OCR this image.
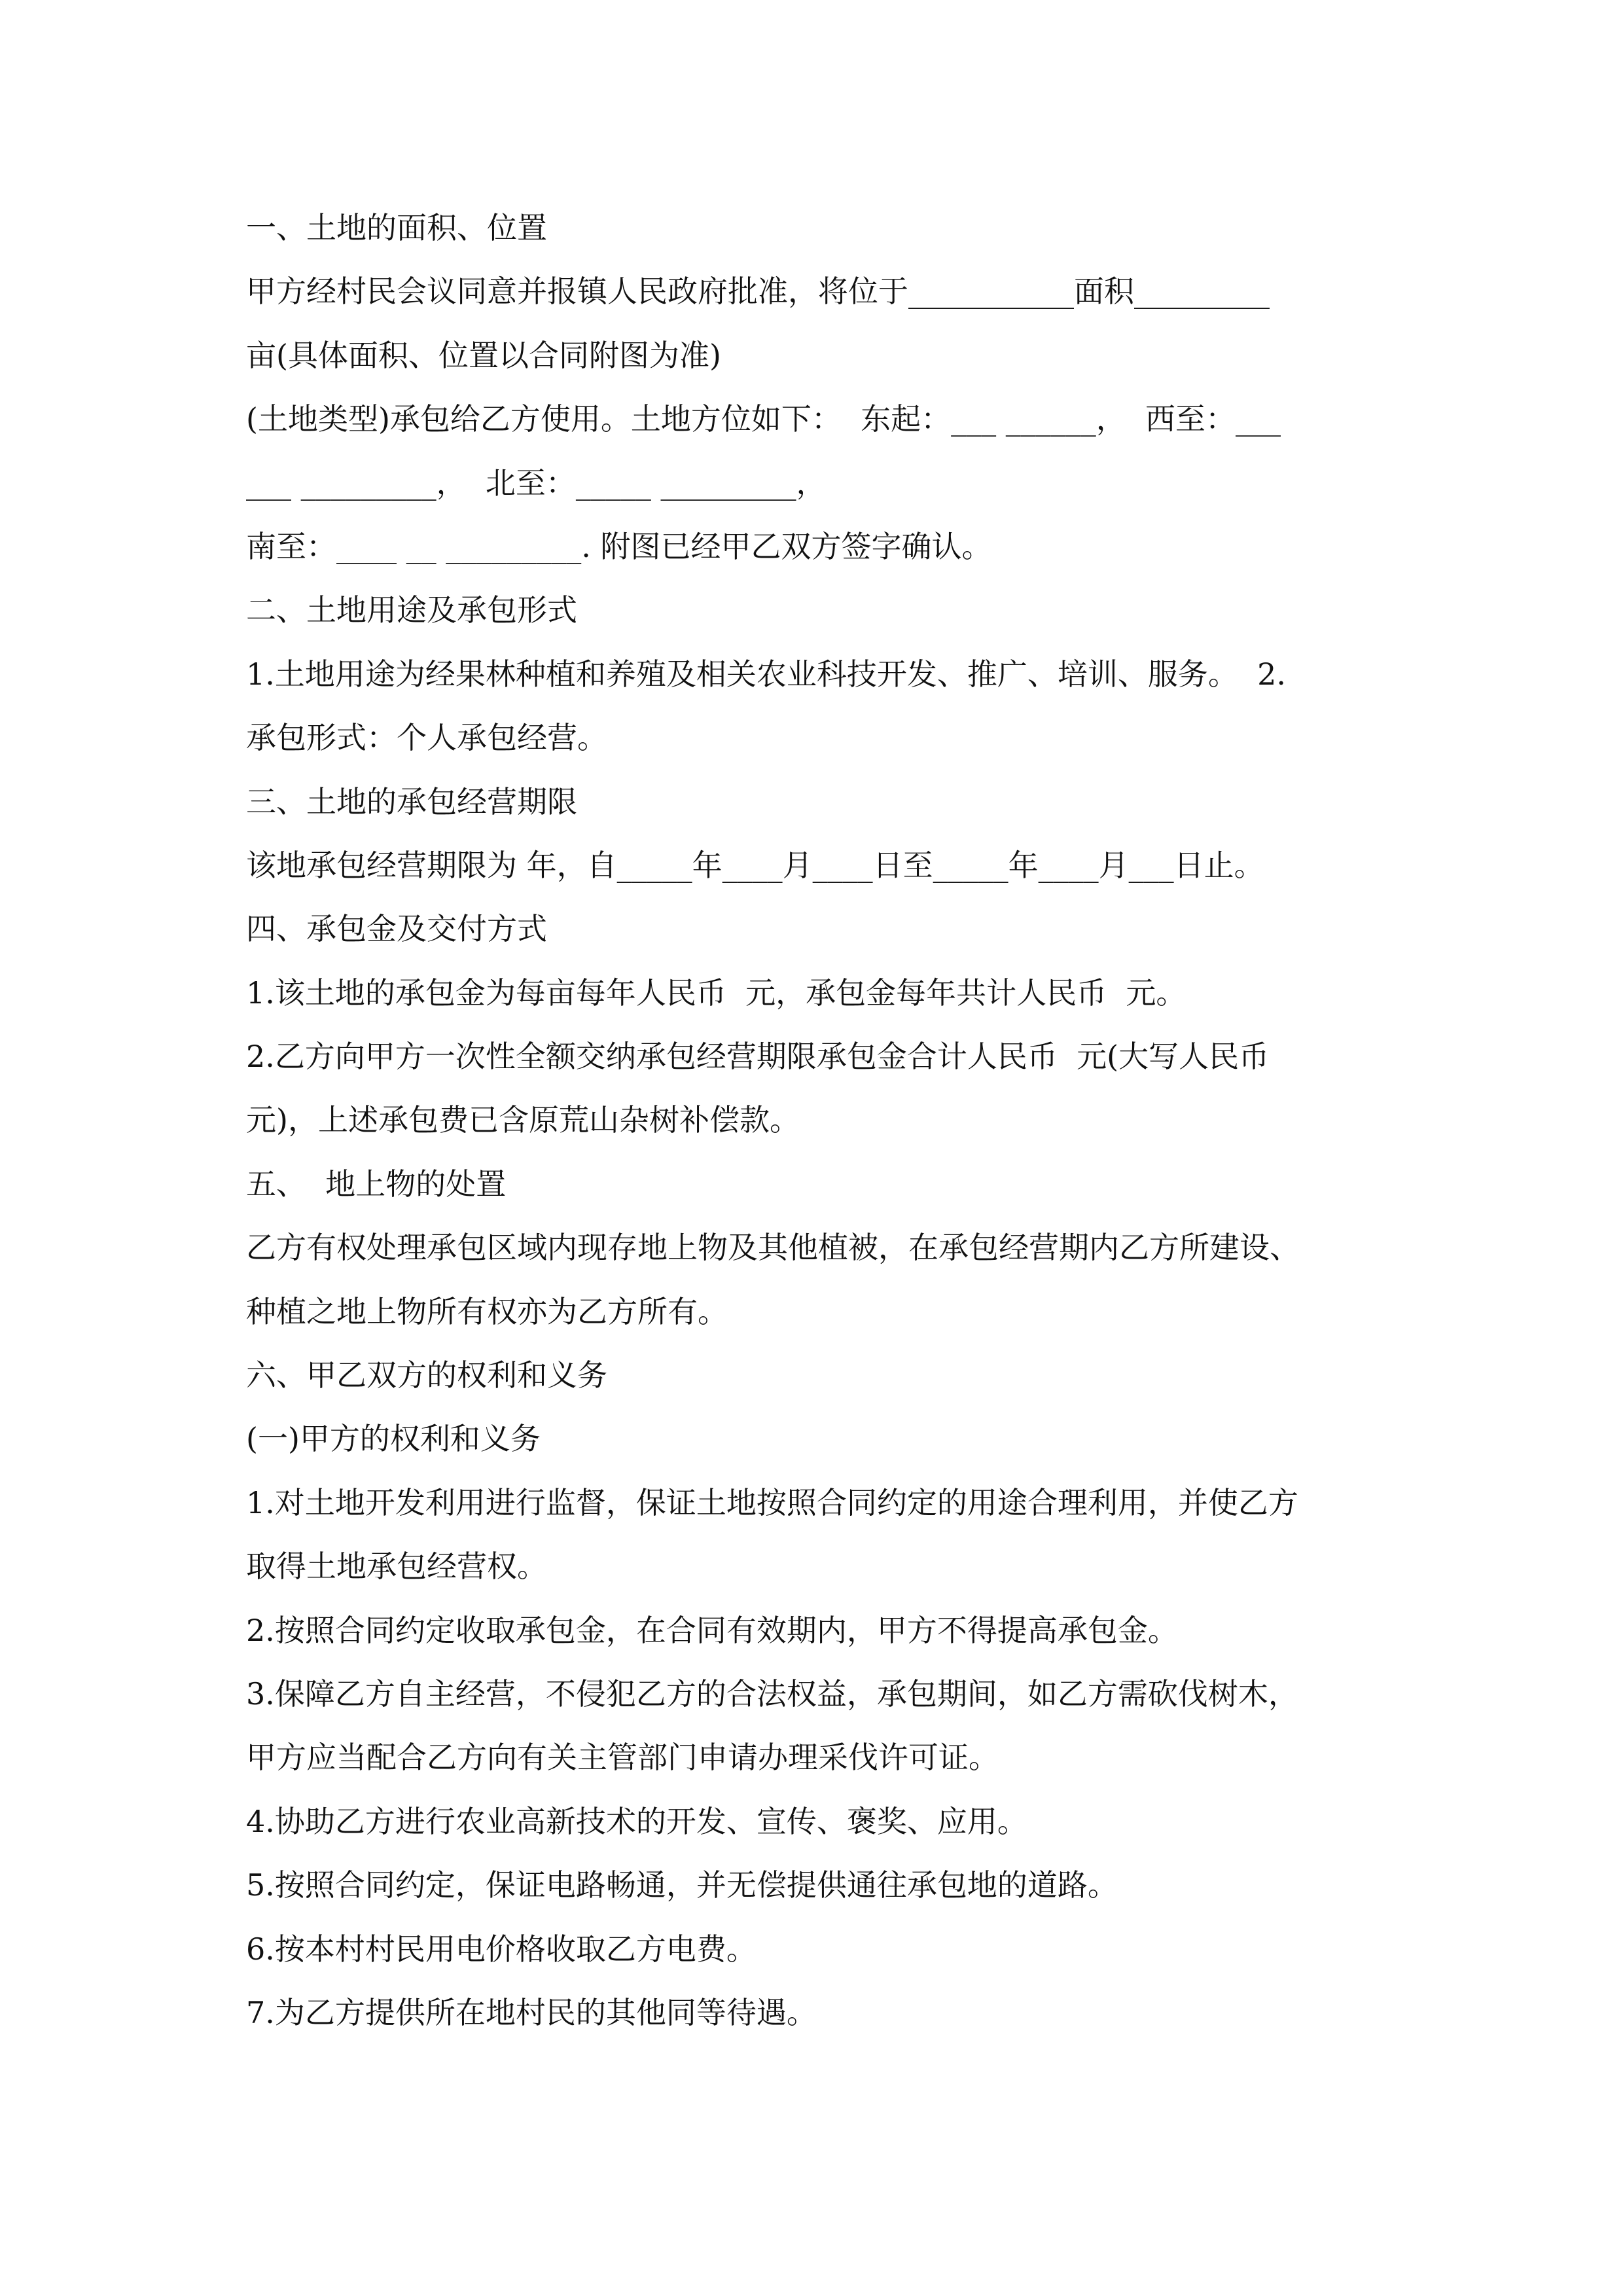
一、土地的面积、位置
甲方经村民会议同意并报镇人民政府批准，将位于___________面积_________
亩(具体面积、位置以合同附图为准)
(土地类型)承包给乙方使用。土地方位如下：  东起：___ ______，  西至：___
___ _________，  北至：_____ _________，
南至：____ __ _________. 附图已经甲乙双方签字确认。
二、土地用途及承包形式
1.土地用途为经果林种植和养殖及相关农业科技开发、推广、培训、服务。  2.
承包形式：个人承包经营。
三、土地的承包经营期限
该地承包经营期限为 年，自_____年____月____日至_____年____月___日止。
四、承包金及交付方式
1.该土地的承包金为每亩每年人民币  元，承包金每年共计人民币  元。
2.乙方向甲方一次性全额交纳承包经营期限承包金合计人民币  元(大写人民币
元)，上述承包费已含原荒山杂树补偿款。
五、  地上物的处置
乙方有权处理承包区域内现存地上物及其他植被，在承包经营期内乙方所建设、
种植之地上物所有权亦为乙方所有。
六、甲乙双方的权利和义务
(一)甲方的权利和义务
1.对土地开发利用进行监督，保证土地按照合同约定的用途合理利用，并使乙方
取得土地承包经营权。
2.按照合同约定收取承包金，在合同有效期内，甲方不得提高承包金。
3.保障乙方自主经营，不侵犯乙方的合法权益，承包期间，如乙方需砍伐树木，
甲方应当配合乙方向有关主管部门申请办理采伐许可证。
4.协助乙方进行农业高新技术的开发、宣传、褒奖、应用。
5.按照合同约定，保证电路畅通，并无偿提供通往承包地的道路。
6.按本村村民用电价格收取乙方电费。
7.为乙方提供所在地村民的其他同等待遇。
